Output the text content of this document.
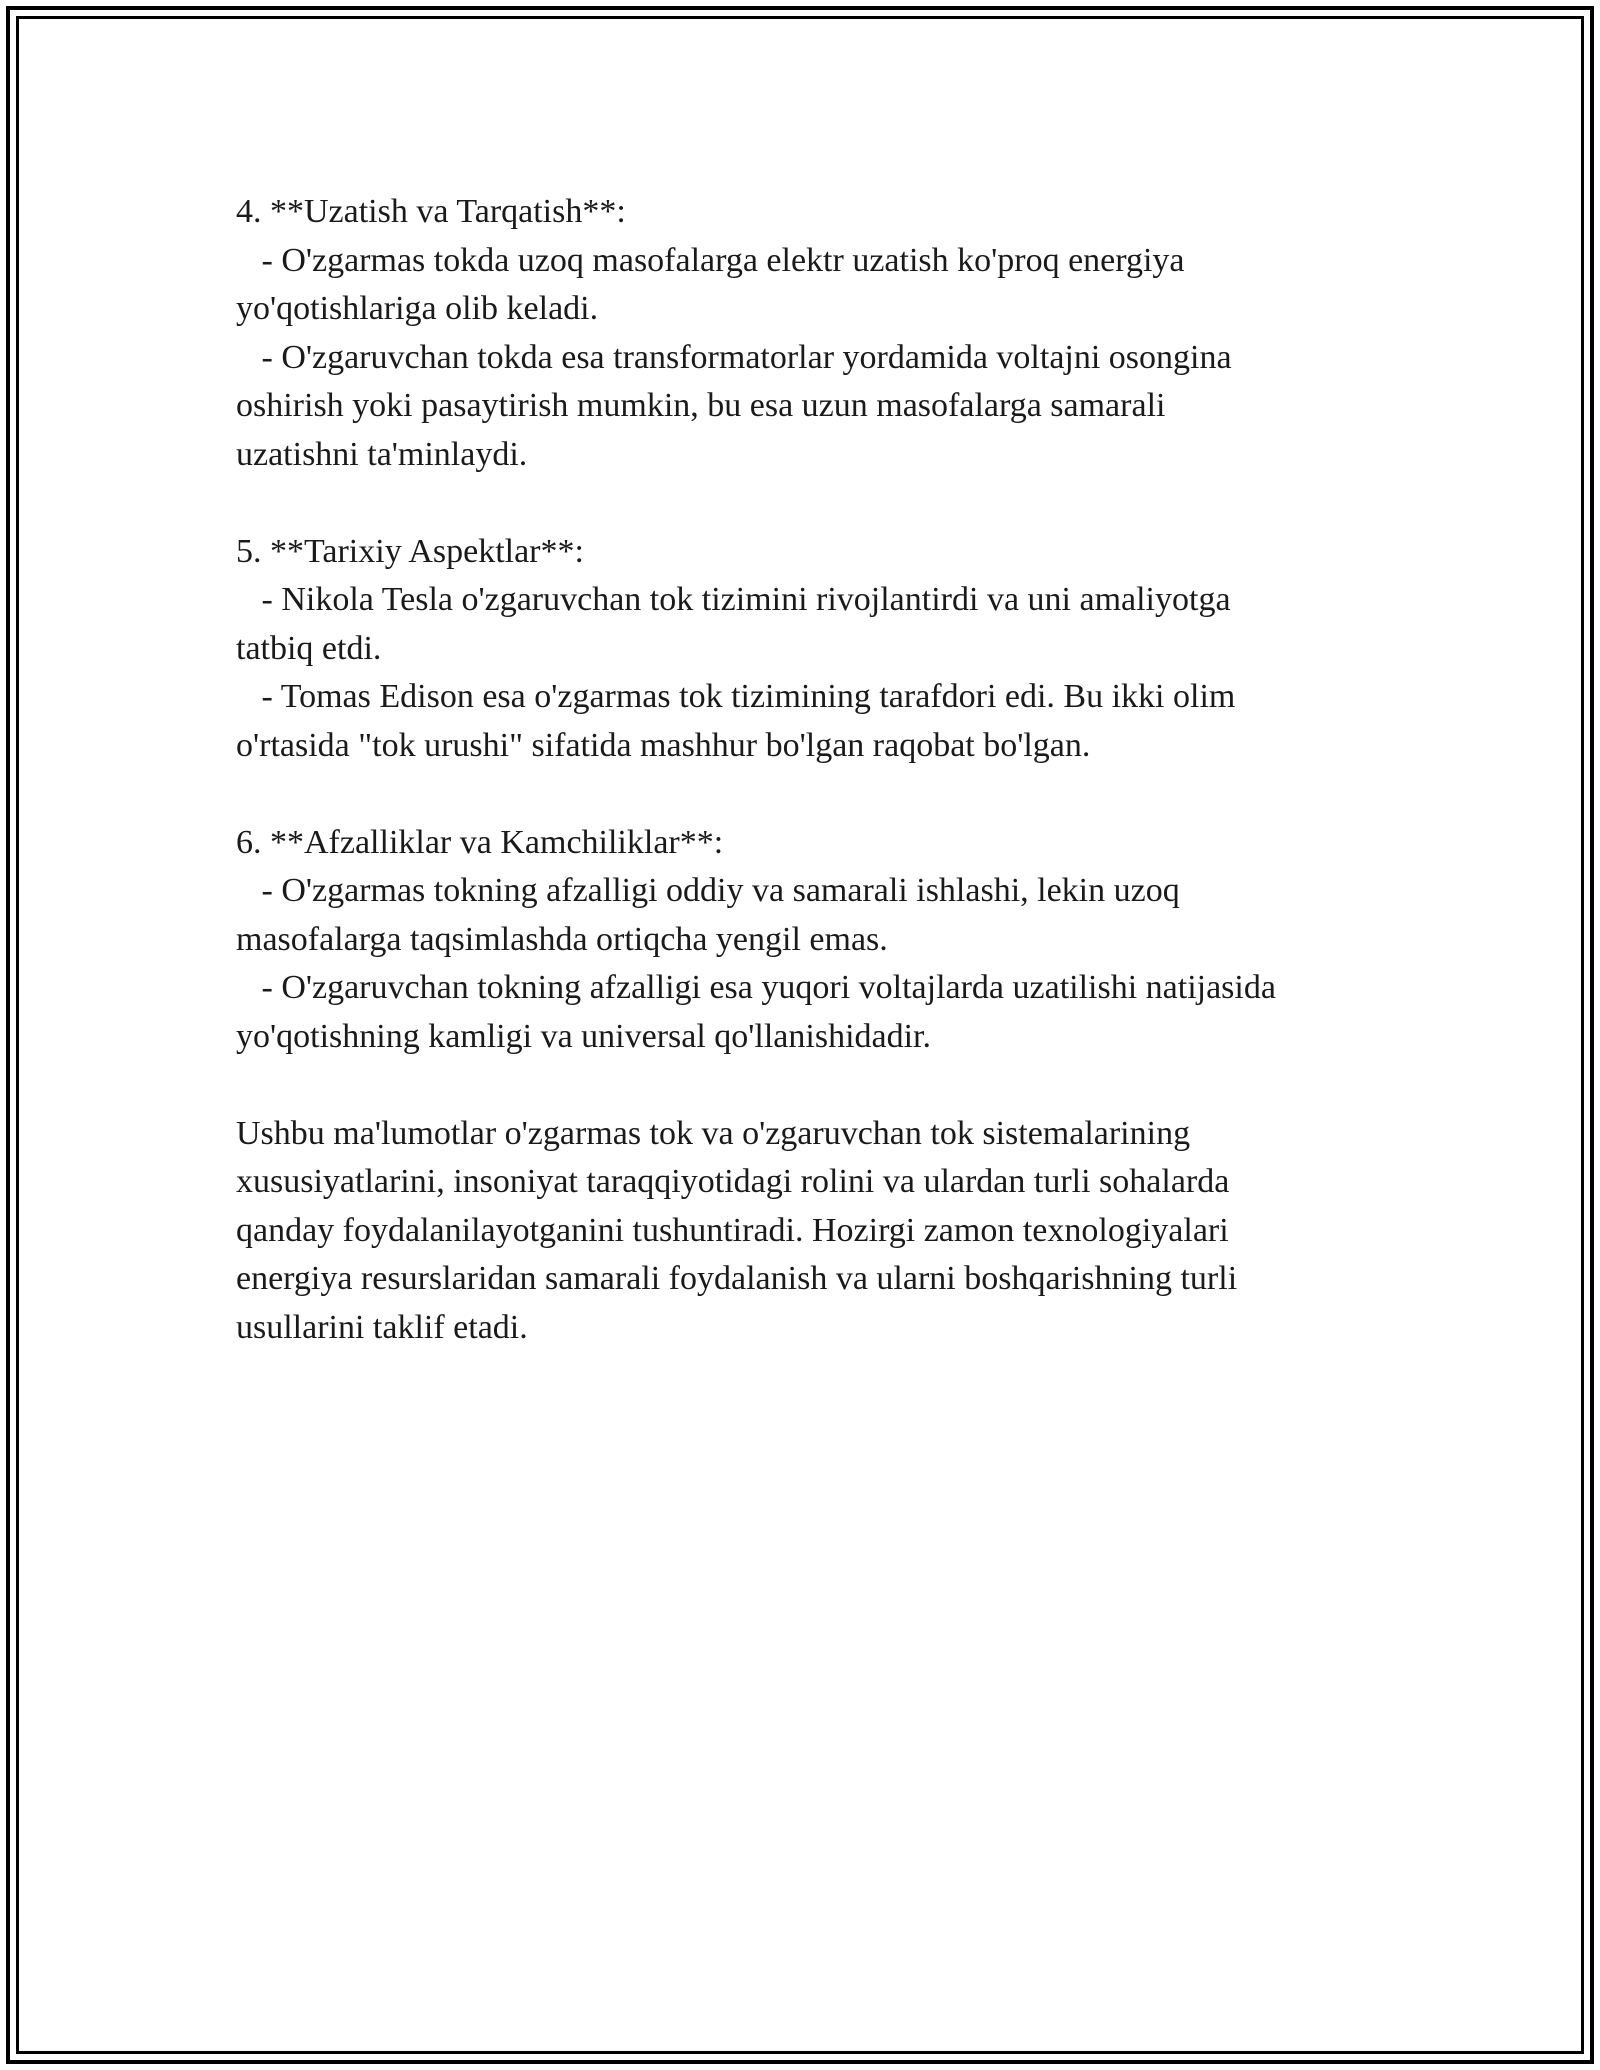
4. **Uzatish va Tarqatish**:
- O'zgarmas tokda uzoq masofalarga elektr uzatish ko'proq energiya
yo'qotishlariga olib keladi.
- O'zgaruvchan tokda esa transformatorlar yordamida voltajni osongina
oshirish yoki pasaytirish mumkin, bu esa uzun masofalarga samarali
uzatishni ta'minlaydi.
5. **Tarixiy Aspektlar**:
- Nikola Tesla o'zgaruvchan tok tizimini rivojlantirdi va uni amaliyotga
tatbiq etdi.
- Tomas Edison esa o'zgarmas tok tizimining tarafdori edi. Bu ikki olim
o'rtasida "tok urushi" sifatida mashhur bo'lgan raqobat bo'lgan.
6. **Afzalliklar va Kamchiliklar**:
- O'zgarmas tokning afzalligi oddiy va samarali ishlashi, lekin uzoq
masofalarga taqsimlashda ortiqcha yengil emas.
- O'zgaruvchan tokning afzalligi esa yuqori voltajlarda uzatilishi natijasida
yo'qotishning kamligi va universal qo'llanishidadir.
Ushbu ma'lumotlar o'zgarmas tok va o'zgaruvchan tok sistemalarining
xususiyatlarini, insoniyat taraqqiyotidagi rolini va ulardan turli sohalarda
qanday foydalanilayotganini tushuntiradi. Hozirgi zamon texnologiyalari
energiya resurslaridan samarali foydalanish va ularni boshqarishning turli
usullarini taklif etadi.
